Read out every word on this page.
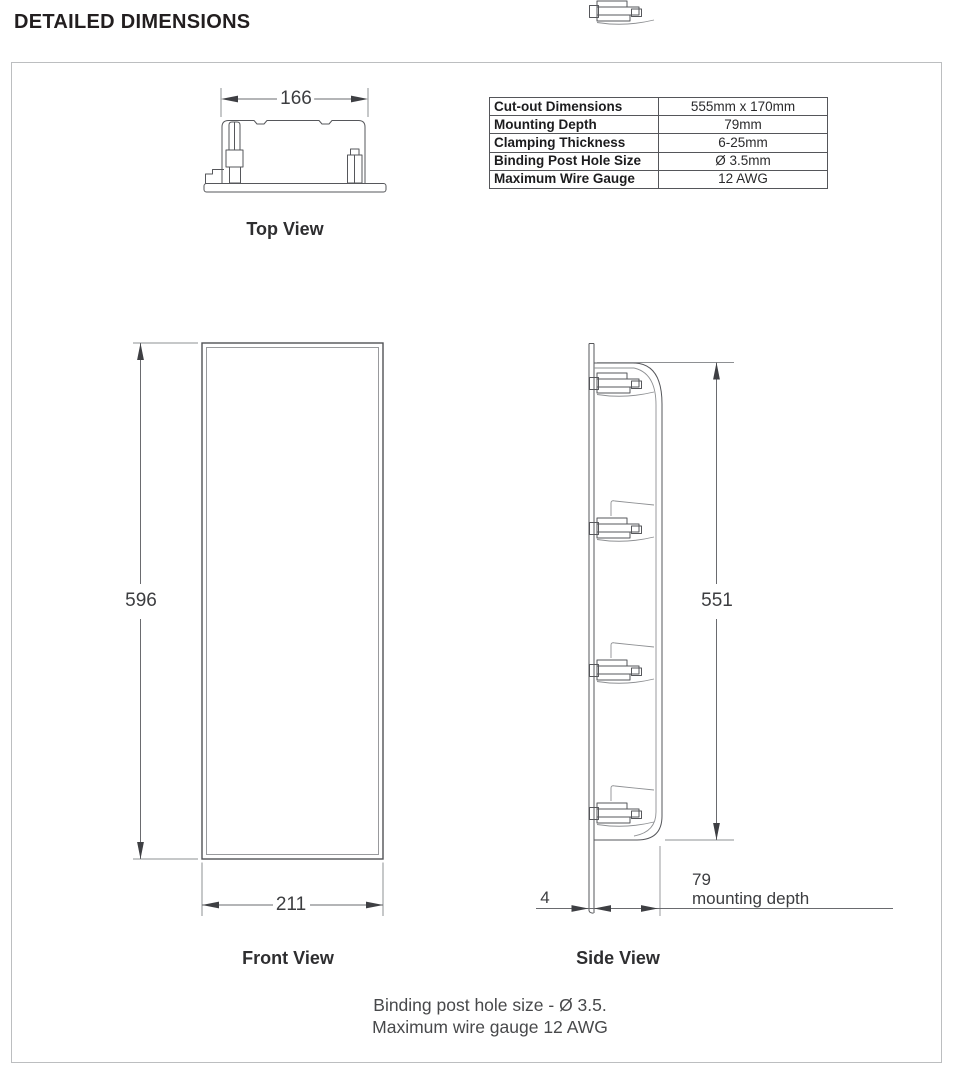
DETAILED DIMENSIONS
Cut-out Dimensions	555mm x 170mm
Mounting Depth	79mm
Clamping Thickness	6-25mm
Binding Post Hole Size	Ø 3.5mm
Maximum Wire Gauge	12 AWG
166
596
211
551
4
79
mounting depth
Top View
Front View	Side View
Binding post hole size - Ø 3.5.
Maximum wire gauge 12 AWG
